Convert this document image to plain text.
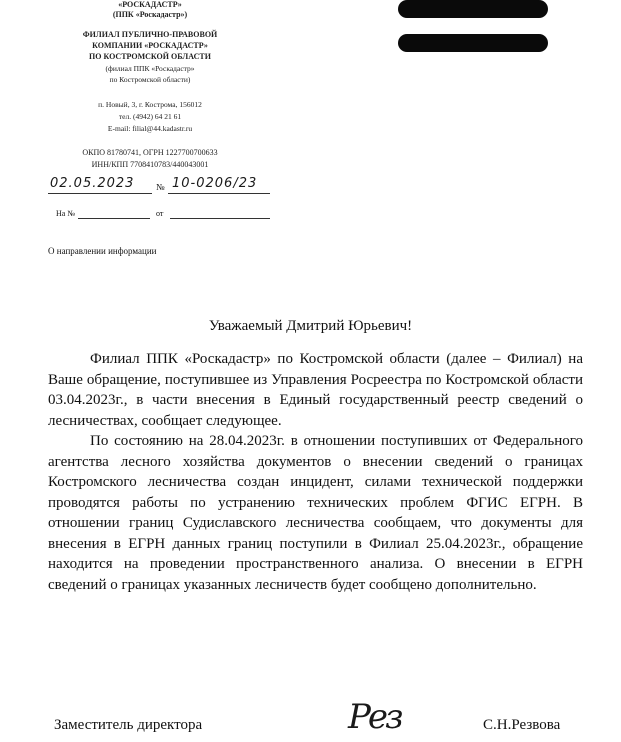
«РОСКАДАСТР»
(ППК «Роскадастр»)
ФИЛИАЛ ПУБЛИЧНО-ПРАВОВОЙ
КОМПАНИИ «РОСКАДАСТР»
ПО КОСТРОМСКОЙ ОБЛАСТИ
(филиал ППК «Роскадастр»
по Костромской области)
п. Новый, 3, г. Кострома, 156012
тел. (4942) 64 21 61
E-mail: filial@44.kadastr.ru
ОКПО 81780741, ОГРН 1227700700633
ИНН/КПП 7708410783/440043001
02.05.2023 № 10-0206/23
На №	от
О направлении информации
Уважаемый Дмитрий Юрьевич!

Филиал ППК «Роскадастр» по Костромской области (далее – Филиал) на Ваше обращение, поступившее из Управления Росреестра по Костромской области 03.04.2023г., в части внесения в Единый государственный реестр сведений о лесничествах, сообщает следующее.

По состоянию на 28.04.2023г. в отношении поступивших от Федерального агентства лесного хозяйства документов о внесении сведений о границах Костромского лесничества создан инцидент, силами технической поддержки проводятся работы по устранению технических проблем ФГИС ЕГРН. В отношении границ Судиславского лесничества сообщаем, что документы для внесения в ЕГРН данных границ поступили в Филиал 25.04.2023г., обращение находится на проведении пространственного анализа. О внесении в ЕГРН сведений о границах указанных лесничеств будет сообщено дополнительно.

Заместитель директора	Рез	С.Н.Резвова
